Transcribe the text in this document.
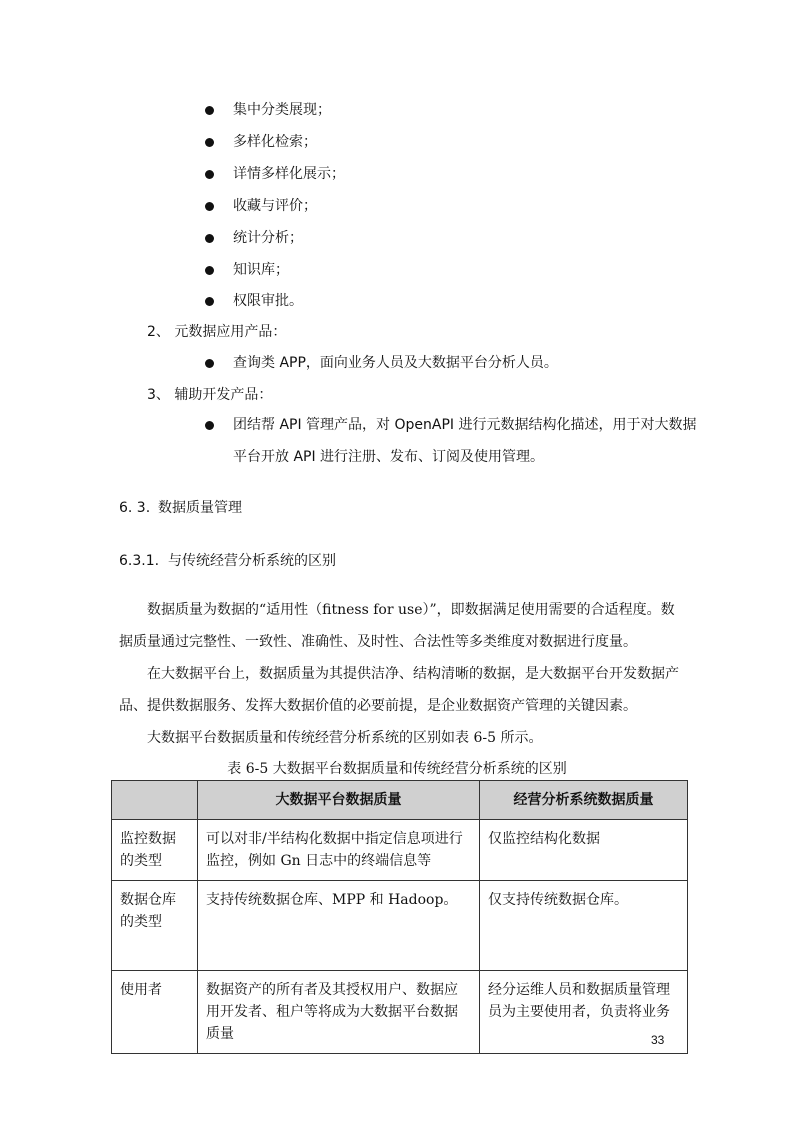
集中分类展现；
多样化检索；
详情多样化展示；
收藏与评价；
统计分析；
知识库；
权限审批。
2、 元数据应用产品：
查询类 APP，面向业务人员及大数据平台分析人员。
3、 辅助开发产品：
团结帮 API 管理产品，对 OpenAPI 进行元数据结构化描述，用于对大数据
平台开放 API 进行注册、发布、订阅及使用管理。
6. 3. 数据质量管理
6.3.1. 与传统经营分析系统的区别
数据质量为数据的“适用性（fitness for use）”，即数据满足使用需要的合适程度。数据质量通过完整性、一致性、准确性、及时性、合法性等多类维度对数据进行度量。
在大数据平台上，数据质量为其提供洁净、结构清晰的数据，是大数据平台开发数据产品、提供数据服务、发挥大数据价值的必要前提，是企业数据资产管理的关键因素。
大数据平台数据质量和传统经营分析系统的区别如表 6-5 所示。
表 6-5 大数据平台数据质量和传统经营分析系统的区别
	大数据平台数据质量	经营分析系统数据质量

监控数据的类型	可以对非/半结构化数据中指定信息项进行监控，例如 Gn 日志中的终端信息等	仅监控结构化数据

数据仓库的类型	支持传统数据仓库、MPP 和 Hadoop。	仅支持传统数据仓库。

使用者	数据资产的所有者及其授权用户、数据应用开发者、租户等将成为大数据平台数据质量	经分运维人员和数据质量管理员为主要使用者，负责将业务
33
